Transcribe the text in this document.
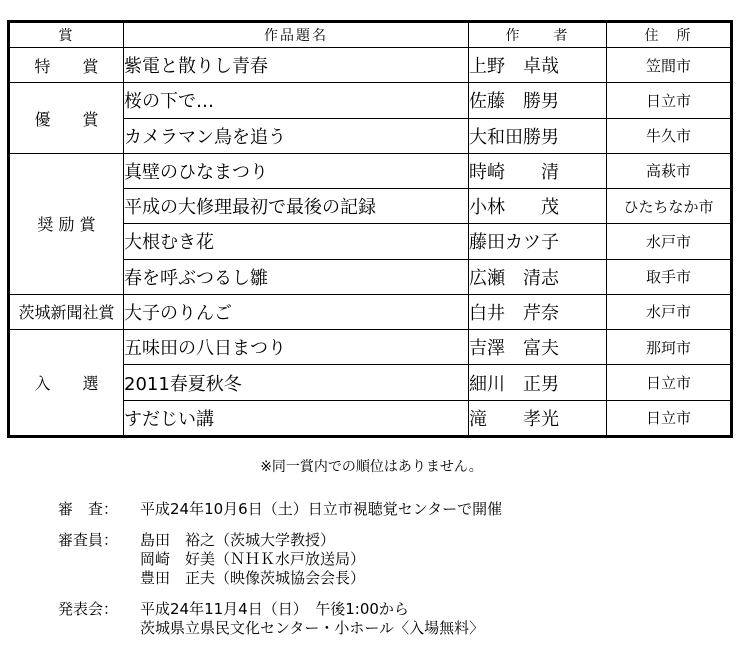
賞	作品題名	作　　者	住　所
特　　賞	紫電と散りし青春	上野　卓哉	笠間市
優　　賞	桜の下で…	佐藤　勝男	日立市
	カメラマン鳥を追う	大和田勝男	牛久市
奨 励 賞	真壁のひなまつり	時崎　　清	高萩市
	平成の大修理最初で最後の記録	小林　　茂	ひたちなか市
	大根むき花	藤田カツ子	水戸市
	春を呼ぶつるし雛	広瀬　清志	取手市
茨城新聞社賞	大子のりんご	白井　芹奈	水戸市
入　　選	五味田の八日まつり	吉澤　富夫	那珂市
	2011春夏秋冬	細川　正男	日立市
	すだじい講	滝　　孝光	日立市
※同一賞内での順位はありません。
審　査：	平成24年10月6日（土）日立市視聴覚センターで開催
審査員：	島田　裕之（茨城大学教授）
岡崎　好美（ＮＨＫ水戸放送局）
豊田　正夫（映像茨城協会会長）
発表会：	平成24年11月4日（日）　午後1:00から
茨城県立県民文化センター・小ホール〈入場無料〉
